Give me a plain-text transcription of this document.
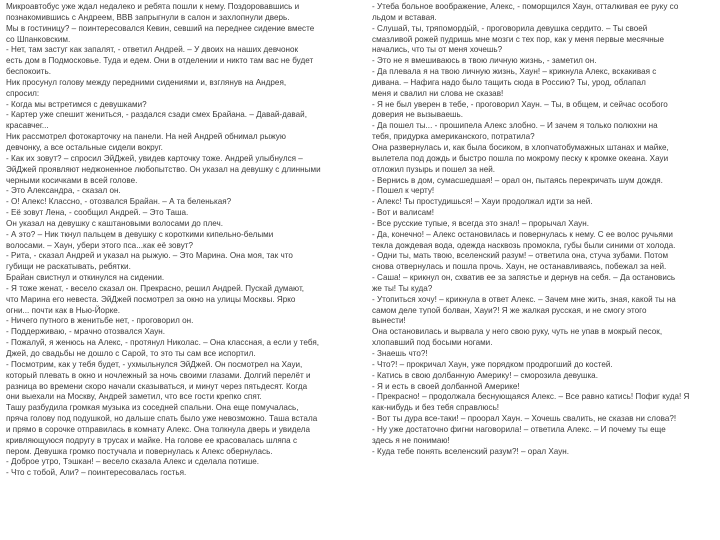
Микроавтобус уже ждал недалеко и ребята пошли к нему. Поздоровавшись и
познакомившись с Андреем, ВВВ запрыгнули в салон и захлопнули дверь.
Мы в гостиницу? – поинтересовался Кевин, севший на переднее сидение вместе
со Шпанковским.
- Нет, там застуг как запалят, - ответил Андрей. – У двоих на наших девчонок
есть дом в Подмосковье. Туда и едем. Они в отделении и никто там вас не будет
беспокоить.
Ник просунул голову между передними сидениями и, взглянув на Андрея,
спросил:
- Когда мы встретимся с девушками?
- Картер уже спешит жениться, - раздался сзади смех Брайана. – Давай-давай,
красавчег...
Ник рассмотрел фотокарточку на панели. На ней Андрей обнимал рыжую
девчонку, а все остальные сидели вокруг.
- Как их зовут? – спросил ЭйДжей, увидев карточку тоже. Андрей улыбнулся –
ЭйДжей проявляют неджоненное любопытство. Он указал на девушку с длинными
черными косичками в всей голове.
- Это Александра, - сказал он.
- О! Алекс! Классно, - отозвался Брайан. – А та беленькая?
- Её зовут Лена, - сообщил Андрей. – Это Таша.
Он указал на девушку с каштановыми волосами до плеч.
- А это? – Ник ткнул пальцем в девушку с короткими кипельно-белыми
волосами. – Хаун, убери этого пса...как её зовут?
- Рита, - сказал Андрей и указал на рыжую. – Это Марина. Она моя, так что
губищи не раскатывать, ребятки.
Брайан свистнул и откинулся на сидении.
- Я тоже женат, - весело сказал он. Прекрасно, решил Андрей. Пускай думают,
что Марина его невеста. ЭйДжей посмотрел за окно на улицы Москвы. Ярко
огни... почти как в Нью-Йорке.
- Ничего путного в женитьбе нет, - проговорил он.
- Поддерживаю, - мрачно отозвался Хаун.
- Пожалуй, я женюсь на Алекс, - протянул Николас. – Она классная, а если у тебя,
Джей, до свадьбы не дошло с Сарой, то это ты сам все испортил.
- Посмотрим, как у тебя будет, - ухмыльнулся ЭйДжей. Он посмотрел на Хауи,
который плевать в окно и ночлежный за ночь своими глазами. Долгий перелёт и
разница во времени скоро начали сказываться, и минут через пятьдесят. Когда
они выехали на Москву, Андрей заметил, что все гости крепко спят.
Ташу разбудила громкая музыка из соседней спальни. Она еще помучалась,
пряча голову под подушкой, но дальше спать было уже невозможно. Таша встала
и прямо в сорочке отправилась в комнату Алекс. Она толкнула дверь и увидела
кривляющуюся подругу в трусах и майке. На голове ее красовалась шляпа с
пером. Девушка громко постучала и повернулась к Алекс обернулась.
- Доброе утро, Тэшкан! – весело сказала Алекс и сделала потише.
- Что с тобой, Али? – поинтересовалась гостья.
- Утеба больное воображение, Алекс, - поморщился Хаун, отталкивая ее руку со
льдом и вставая.
- Слушай, ты, тряпоморды́й, - проговорила девушка сердито. – Ты своей
смазливой рожей пудришь мне мозги с тех пор, как у меня первые месячные
начались, что ты от меня хочешь?
- Это не я вмешиваюсь в твою личную жизнь, - заметил он.
- Да плевала я на твою личную жизнь, Хаун! – крикнула Алекс, вскакивая с
дивана. – Нафига надо было тащить сюда в Россию? Ты, урод, облапал
меня и свалил ни слова не сказав!
- Я не был уверен в тебе, - проговорил Хаун. – Ты, в общем, и сейчас особого
доверия не вызываешь.
- Да пошел ты... - прошипела Алекс злобно. – И зачем я только полюхни на
тебя, придурка американского, потратила?
Она развернулась и, как была босиком, в хлопчатобумажных штанах и майке,
вылетела под дождь и быстро пошла по мокрому песку к кромке океана. Хауи
отложил пузырь и пошел за ней.
- Вернись в дом, сумасшедшая! – орал он, пытаясь перекричать шум дождя.
- Пошел к черту!
- Алекс! Ты простудишься! – Хауи продолжал идти за ней.
- Вот и валисам!
- Все русские тупые, я всегда это знал! – прорычал Хаун.
- Да, конечно! – Алекс остановилась и повернулась к нему. С ее волос ручьями
текла дождевая вода, одежда насквозь промокла, губы были синими от холода.
- Одни ты, мать твою, вселенский разум! – ответила она, стуча зубами. Потом
снова отвернулась и пошла прочь. Хаун, не останавливаясь, побежал за ней.
- Саша! – крикнул он, схватив ее за запястье и дернув на себя. – Да остановись
же ты! Ты куда?
- Утопиться хочу! – крикнула в ответ Алекс. – Зачем мне жить, зная, какой ты на
самом деле тупой болван, Хауи?! Я же жалкая русская, и не смогу этого
вынести!
Она остановилась и вырвала у него свою руку, чуть не упав в мокрый песок,
хлопавший под босыми ногами.
- Знаешь что?!
- Что?! – прокричал Хаун, уже порядком продрогший до костей.
- Катись в свою долбанную Америку! – сморозила девушка.
- Я и есть в своей долбанной Америке!
- Прекрасно! – продолжала беснующаяся Алекс. – Все равно катись! Пофиг куда! Я
как-нибудь и без тебя справлюсь!
- Вот ты дура все-таки! – проорал Хаун. – Хочешь свалить, не сказав ни слова?!
- Ну уже достаточно фигни наговорила! – ответила Алекс. – И почему ты еще
здесь я не понимаю!
- Куда тебе понять вселенский разум?! – орал Хаун.
